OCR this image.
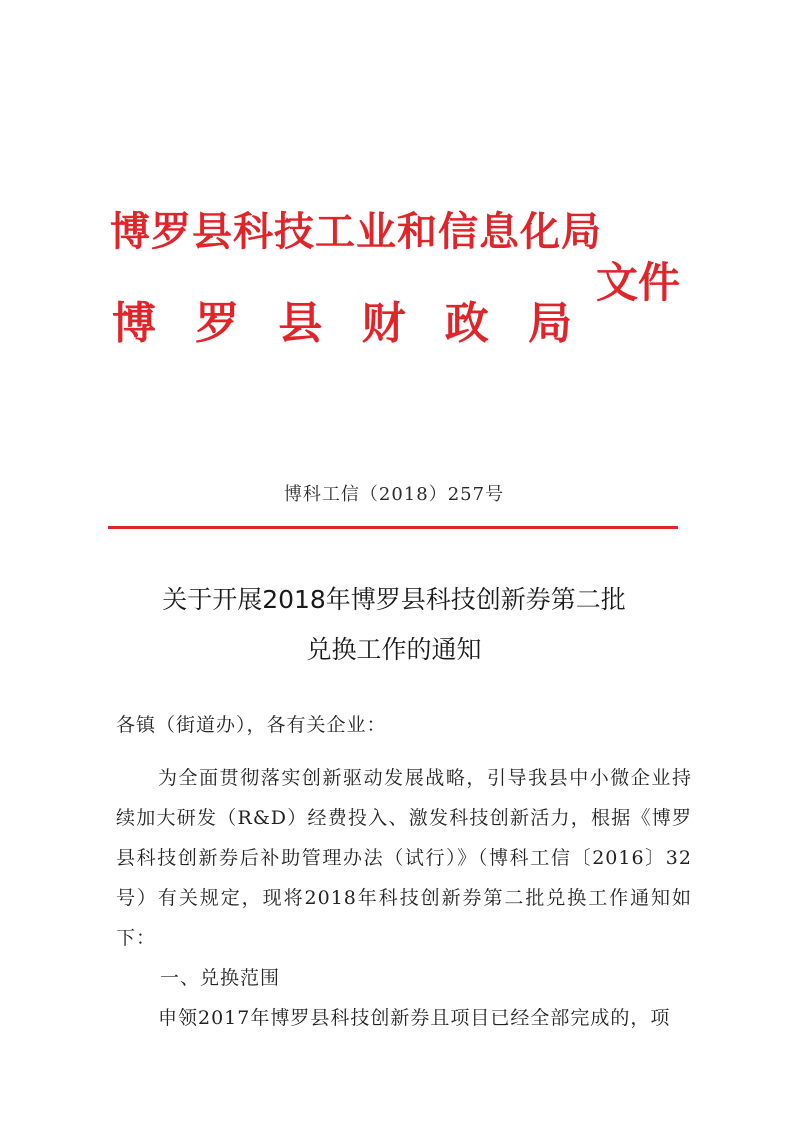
博罗县科技工业和信息化局
博 罗 县 财 政 局
文件
博科工信（2018）257号
关于开展2018年博罗县科技创新券第二批
兑换工作的通知
各镇（街道办），各有关企业：
为全面贯彻落实创新驱动发展战略，引导我县中小微企业持续加大研发（R&D）经费投入、激发科技创新活力，根据《博罗县科技创新券后补助管理办法（试行）》（博科工信〔2016〕32号）有关规定，现将2018年科技创新券第二批兑换工作通知如下：
一、兑换范围
申领2017年博罗县科技创新券且项目已经全部完成的，项
